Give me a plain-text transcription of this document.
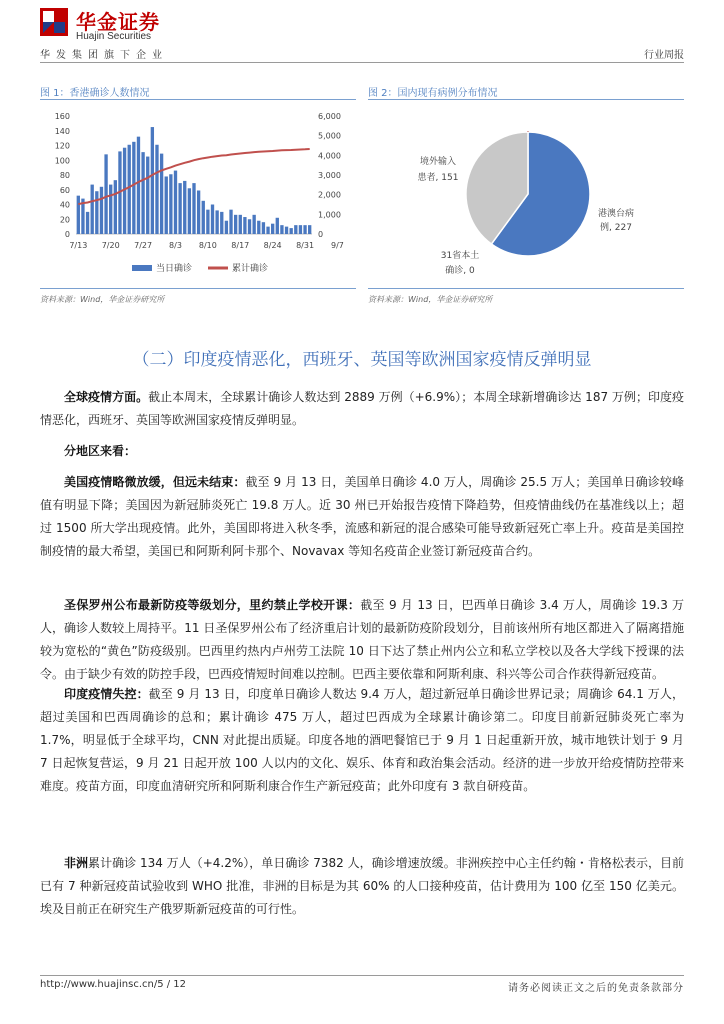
华金证券
Huajin Securities
华发集团旗下企业	行业周报
图 1：香港确诊人数情况
160
140
120
100
80
60
40
20
0
6,000
5,000
4,000
3,000
2,000
1,000
0
7/13 7/20 7/27 8/3 8/10 8/17 8/24 8/31 9/7
当日确诊	累计确诊
资料来源：Wind，华金证券研究所
图 2：国内现有病例分布情况
港澳台病
例, 227
境外输入
患者, 151
31省本土
确诊, 0
资料来源：Wind，华金证券研究所
（二）印度疫情恶化，西班牙、英国等欧洲国家疫情反弹明显

全球疫情方面。截止本周末，全球累计确诊人数达到 2889 万例（+6.9%）；本周全球新增确诊达 187 万例；印度疫情恶化，西班牙、英国等欧洲国家疫情反弹明显。

分地区来看：

美国疫情略微放缓，但远未结束：截至 9 月 13 日，美国单日确诊 4.0 万人，周确诊 25.5 万人；美国单日确诊较峰值有明显下降；美国因为新冠肺炎死亡 19.8 万人。近 30 州已开始报告疫情下降趋势，但疫情曲线仍在基准线以上；超过 1500 所大学出现疫情。此外，美国即将进入秋冬季，流感和新冠的混合感染可能导致新冠死亡率上升。疫苗是美国控制疫情的最大希望，美国已和阿斯利阿卡那个、Novavax 等知名疫苗企业签订新冠疫苗合约。

圣保罗州公布最新防疫等级划分，里约禁止学校开课：截至 9 月 13 日，巴西单日确诊 3.4 万人，周确诊 19.3 万人，确诊人数较上周持平。11 日圣保罗州公布了经济重启计划的最新防疫阶段划分，目前该州所有地区都进入了隔离措施较为宽松的“黄色”防疫级别。巴西里约热内卢州劳工法院 10 日下达了禁止州内公立和私立学校以及各大学线下授课的法令。由于缺少有效的防控手段，巴西疫情短时间难以控制。巴西主要依靠和阿斯利康、科兴等公司合作获得新冠疫苗。

印度疫情失控：截至 9 月 13 日，印度单日确诊人数达 9.4 万人，超过新冠单日确诊世界记录；周确诊 64.1 万人，超过美国和巴西周确诊的总和；累计确诊 475 万人，超过巴西成为全球累计确诊第二。印度目前新冠肺炎死亡率为 1.7%，明显低于全球平均，CNN 对此提出质疑。印度各地的酒吧餐馆已于 9 月 1 日起重新开放，城市地铁计划于 9 月 7 日起恢复营运，9 月 21 日起开放 100 人以内的文化、娱乐、体育和政治集会活动。经济的进一步放开给疫情防控带来难度。疫苗方面，印度血清研究所和阿斯利康合作生产新冠疫苗；此外印度有 3 款自研疫苗。

非洲累计确诊 134 万人（+4.2%），单日确诊 7382 人，确诊增速放缓。非洲疾控中心主任约翰・肯格松表示，目前已有 7 种新冠疫苗试验收到 WHO 批准，非洲的目标是为其 60% 的人口接种疫苗，估计费用为 100 亿至 150 亿美元。埃及目前正在研究生产俄罗斯新冠疫苗的可行性。

http://www.huajinsc.cn/5 / 12	请务必阅读正文之后的免责条款部分
